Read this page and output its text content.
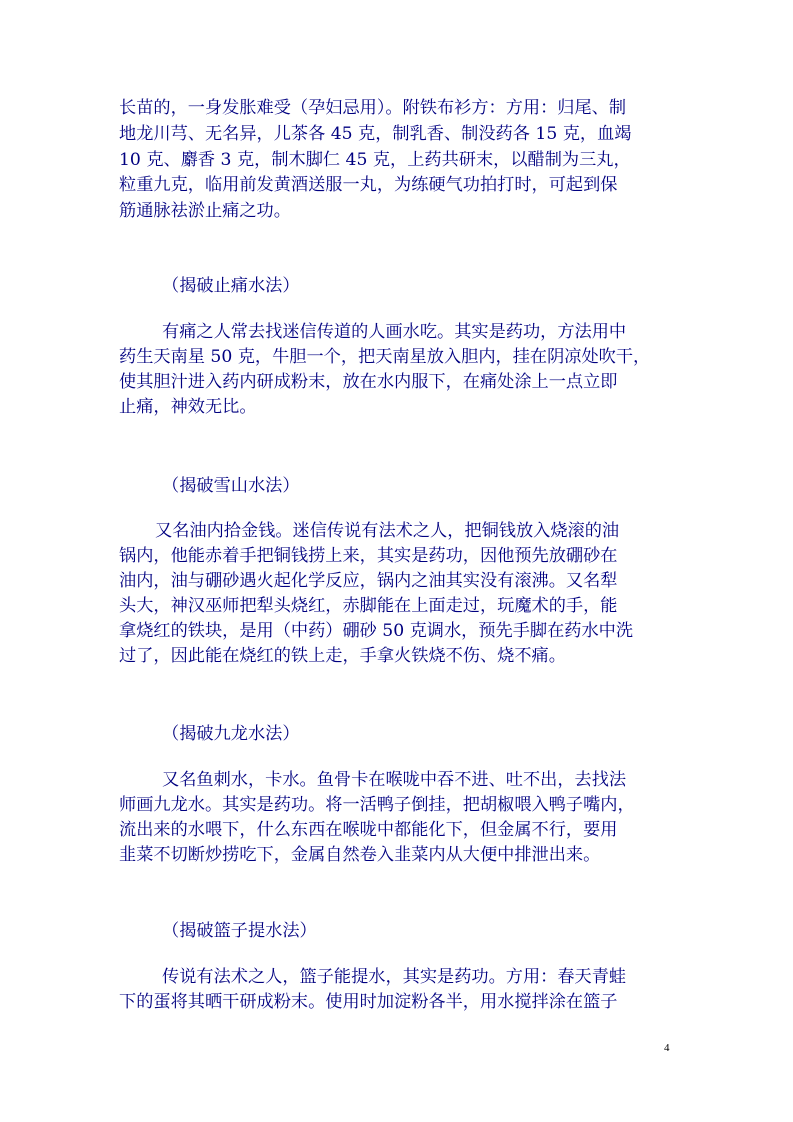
长苗的，一身发胀难受（孕妇忌用）。附铁布衫方：方用：归尾、制
地龙川芎、无名异，儿茶各 45 克，制乳香、制没药各 15 克，血竭
10 克、麝香 3 克，制木脚仁 45 克，上药共研末，以醋制为三丸，
粒重九克，临用前发黄酒送服一丸，为练硬气功拍打时，可起到保
筋通脉祛淤止痛之功。
（揭破止痛水法）
有痛之人常去找迷信传道的人画水吃。其实是药功，方法用中
药生天南星 50 克，牛胆一个，把天南星放入胆内，挂在阴凉处吹干，
使其胆汁进入药内研成粉末，放在水内服下，在痛处涂上一点立即
止痛，神效无比。
（揭破雪山水法）
又名油内拾金钱。迷信传说有法术之人，把铜钱放入烧滚的油
锅内，他能赤着手把铜钱捞上来，其实是药功，因他预先放硼砂在
油内，油与硼砂遇火起化学反应，锅内之油其实没有滚沸。又名犁
头大，神汉巫师把犁头烧红，赤脚能在上面走过，玩魔术的手，能
拿烧红的铁块，是用（中药）硼砂 50 克调水，预先手脚在药水中洗
过了，因此能在烧红的铁上走，手拿火铁烧不伤、烧不痛。
（揭破九龙水法）
又名鱼刺水，卡水。鱼骨卡在喉咙中吞不进、吐不出，去找法
师画九龙水。其实是药功。将一活鸭子倒挂，把胡椒喂入鸭子嘴内，
流出来的水喂下，什么东西在喉咙中都能化下，但金属不行，要用
韭菜不切断炒捞吃下，金属自然卷入韭菜内从大便中排泄出来。
（揭破篮子提水法）
传说有法术之人，篮子能提水，其实是药功。方用：春天青蛙
下的蛋将其晒干研成粉末。使用时加淀粉各半，用水搅拌涂在篮子
4
